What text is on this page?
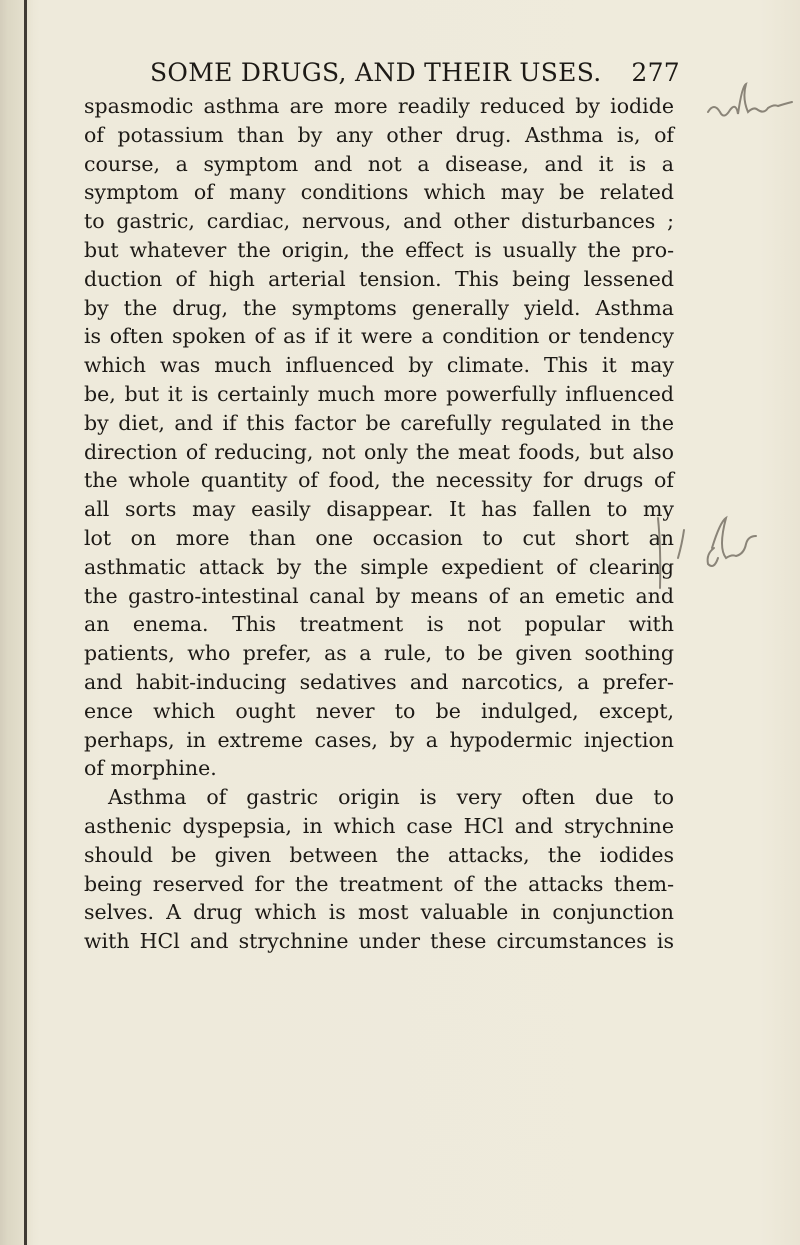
SOME DRUGS, AND THEIR USES. 277
spasmodic asthma are more readily reduced by iodide
of potassium than by any other drug. Asthma is, of
course, a symptom and not a disease, and it is a
symptom of many conditions which may be related
to gastric, cardiac, nervous, and other disturbances ;
but whatever the origin, the effect is usually the pro-
duction of high arterial tension. This being lessened
by the drug, the symptoms generally yield. Asthma
is often spoken of as if it were a condition or tendency
which was much influenced by climate. This it may
be, but it is certainly much more powerfully influenced
by diet, and if this factor be carefully regulated in the
direction of reducing, not only the meat foods, but also
the whole quantity of food, the necessity for drugs of
all sorts may easily disappear. It has fallen to my
lot on more than one occasion to cut short an
asthmatic attack by the simple expedient of clearing
the gastro-intestinal canal by means of an emetic and
an enema. This treatment is not popular with
patients, who prefer, as a rule, to be given soothing
and habit-inducing sedatives and narcotics, a prefer-
ence which ought never to be indulged, except,
perhaps, in extreme cases, by a hypodermic injection
of morphine.
Asthma of gastric origin is very often due to
asthenic dyspepsia, in which case HCl and strychnine
should be given between the attacks, the iodides
being reserved for the treatment of the attacks them-
selves. A drug which is most valuable in conjunction
with HCl and strychnine under these circumstances is
